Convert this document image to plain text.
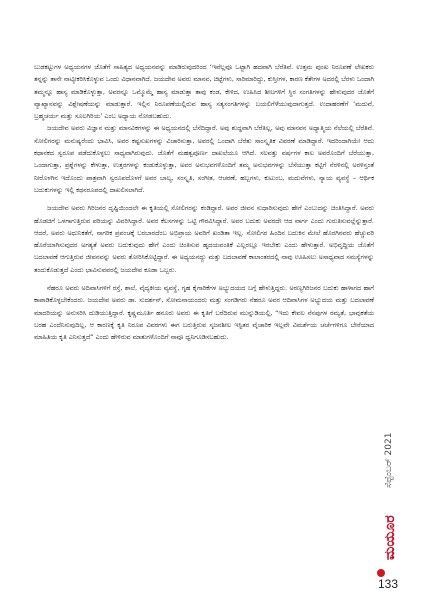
ಬುಡಕಟ್ಟುಗಳ ಅಧ್ಯಯನಗಳ ಜೊತೆಗೆ ಸಾಹಿತ್ಯದ ಅಧ್ಯಯನವನ್ನು ಮಾಡಿರುವುದರಿಂದ ‘ಇವೆಲ್ಲವೂ ಒಟ್ಟಾಗಿ ಹದವಾಗಿ ಬೆರೆತಿವೆ. ಉತ್ತಮ ಪುಂಖ ನಿರೂಪಣೆ ಲೇಖಕರು ತನ್ನನ್ನು ತಾನೇ ನಾಟ್ಯೀಕರಿಸಿಕೊಳ್ಳುವ ಒಂದು ವಿಧಾನವಾಗಿದೆ. ಜಯದೇವ ಅವರು ಮಾನವ, ಚಿಟ್ಟೆಗಳು, ಸಾರಿಮಾರಿದ್ದು, ಕುಸ್ತೀಗಳ, ಕಾರಣ ಕೆತೇಗಳ ಅದರಲ್ಲಿ ಬೆರಳು ಒಂದಾಗಿ ತಮ್ಮನ್ನೂ ಹಾಸ್ಯ ಮಾಡಿಕೊಳ್ಳುತ್ತಾ, ಅವರನ್ನೂ ಒಮ್ಮೊಮ್ಮೆ ಹಾಸ್ಯ ಮಾಡುತ್ತಾ ತಾವು ಕಂಡ, ಕೇಳಿದ, ಉಹಿಸಿದ ಶೀಲಗಳಿಗೆ ಸ್ಥಿರ ಸಂಗತಿಗಳನ್ನು ಹೇಳುವುದರ ಜೊತೆಗೆ ವ್ಯಾಖ್ಯಾನವನ್ನು ವಿಶ್ಲೇಷಣೆಯನ್ನು ಮಾಡುತ್ತಾರೆ. ಇಲ್ಲಿನ ನಿರೂಪಣೆಯಲ್ಲಿರುವ ಹಾಸ್ಯ ಸತ್ಯಸಂಗತಿಗಳನ್ನು ಬಯಲಿಗೆಳೆಯುವುದಾಗುತ್ತದೆ. ಉದಾಹರಣೆಗೆ ‘ಮದುವೆ, ಬ್ರಹ್ಮಚರ್ಯ ಮತ್ತು ಸೂಲಗಿರಿಯ’ ಎಂಬ ಅಧ್ಯಾಯ ನೋಡಬಹುದು.

ಜಯದೇವ ಅವರು ವಿಜ್ಞಾನ ಮತ್ತು ಮಾನವಿಕಗಳನ್ನು ಈ ಅಧ್ಯಯನದಲ್ಲಿ ಬೆಸೆದಿದ್ದಾರೆ. ಅವು ಶುದ್ಧವಾಗಿ ಬೆರೆತಿಲ್ಲ, ಅವು ಮಾನವನ ಅಧ್ಯಾತ್ಮಿಯ ನೆಲೆಯಲ್ಲಿ ಬೆರೆತಿವೆ. ಸೋಲಿಗರನ್ನು ಮನುಷ್ಯರೆಂದು ಭಾವಿಸಿ, ಅವರ ಕಷ್ಟಸುಖಗಳನ್ನು ವಿಚಾರಿಸುತ್ತಾ, ಅವರಲ್ಲಿ ಒಂದಾಗಿ ಬೆರೆತು ಸಾಂಸ್ಕೃತಿಕ ವಿವರಣೆ ಮಾಡಿದ್ದಾರೆ. ಇದರಿಂದಾಗಿಯೇ ಆದು ಕಥಾನಕದ ಸ್ವರೂಪ ಪಡೆದುಕೊಳ್ಳಲು ಸಾಧ್ಯವಾಗಿರುವುದು. ಜೊತೆಗೆ ಮಹತ್ವಪೂರ್ಣ ದಾಖಲೆಯೂ ಆಗಿದೆ. ಸಲವತ್ತು ವರ್ಷಗಳ ಕಾಲ ಅವರೊಂದಿಗೆ ಬೆರೆಯುತ್ತಾ, ಒಂದಾಗುತ್ತಾ, ಪ್ರಶ್ನೆಗಳನ್ನು ಕೇಳುತ್ತಾ, ಉತ್ತರಗಳನ್ನು ಕಂಡುಕೊಳ್ಳುತ್ತಾ, ಅವರ ಅನುಭವಗಳೊಂದಿಗೆ ತಮ್ಮ ಅನುಭವಗಳನ್ನು ಬೆಸೆಯುತ್ತಾ ಕಟ್ಟಿಗೆ ನೆರಳಿನಲ್ಲಿ ಅರಳಿಸ್ತಂತೆ ನೀರೊಳಗಿನ ಇದೊಂದು ಪಾತ್ರವಾಗಿ ಸ್ವರೂಪದೊಳಗೆ ಅವರ ಬಾಲ್ಯ, ಸಂಸ್ಕೃತಿ, ಸಂಗೀತ, ಆಚರಣೆ, ಹಬ್ಬಗಳು, ಕುಟುಂಬ, ಮದುವೆಗಳು, ನ್ಯಾಯ ವ್ಯವಸ್ಥೆ – ಆರ್ಥಿಕ ಬದುಕುಗಳನ್ನು ಇಲ್ಲಿ ಕಥನರೂಪದಲ್ಲಿ ದಾಖಲಿಸಲಾಗಿದೆ.

ಜಯದೇವ ಅವರು ಗಿರಿಜನರ ದೃಷ್ಟಿಯಿಂದಲೇ ಈ ಕೃತಿಯಲ್ಲಿ ಸೋಲಿಗರನ್ನು ಕಂಡಿದ್ದಾರೆ. ಅವರ ಜೀವನ ಸುಧಾರಿಸುವುದು ಹೇಗೆ ಎಂಬುದನ್ನು ಚಿಂತಿಸಿದ್ದಾರೆ. ಅವರು ಹೊಡಚಿಗೆ ಒಳಗಾಗುತ್ತಿರುವ ಪರಿಯನ್ನು ವಿವರಿಸಿದ್ದಾರೆ. ಅವರ ಕೆಲಸಗಳನ್ನು ಒಟ್ಟಿ ಗೌರವಿಸಿದ್ದಾರೆ. ಅವರ ಬದುಕು ಅವರದೇ ಆದ ವಾರ್ಗ ಎಂದು ಗುರುತಿಸುವಲ್ಲೆನ್ನುತ್ತಾರೆ. ಆದರೆ, ಅವರು ಅಧುನಿಕತೆಗೆ, ನಾಗರಿಕ ಪ್ರಪಂಚಕ್ಕೆ ಬರಬಾರದೆಂಬ ಅಭಿಪ್ರಾಯ ಅವರಿಗೆ ಖಂಡಿತಾ ಇಲ್ಲ. ಸೋಲಿಗರ ಹಿಂದಿನ ಬದುಕಿನ ಮೇಲೆ ಹೊರಗಿನವರು ಹೆಚ್ಚುವರಿ ಹೊರೆಯಾಗಿಸುವುದರ ಅಗತ್ಯತೆ ಅವರು ಬದುಕುವುದು ಹೇಗೆ ಎಂದು ಚಿಂತಿಸುವ ಹೃದಯವಂತಿಕೆ ಎಲ್ಲರಲ್ಲೂ ಇರಬೇಕು ಎಂದು ಹೇಳುತ್ತಾರೆ. ಅಭಿವೃದ್ಧಿಯ ಜೊತೆಗೆ ಬದಲಾವಣೆ ಆಗುತ್ತಿರುವ ಜೀವನವನ್ನು ಅವರು ತೋರಿಸಿಕೊಟ್ಟಿದ್ದಾರೆ. ಈ ಅಧ್ಯಯನದ್ದು ಮತ್ತು ಬದಲಾವಣೆ ಕಾಲಾಂತರದಲ್ಲಿ ನಾವು ಊಹಿಸಲು ಅಸಾಧ್ಯವಾದ ಸಮಸ್ಯೆಗಳನ್ನು ತಂದುಕೊಡುತ್ತದೆ ಎಂದು ಭಾವಿಸುವವರಲ್ಲಿ ಜಯದೇವ ಕೂಡಾ ಒಬ್ಬರು.

ನೆಹರೂ ಅವರು ಅದಿವಾಸಿಗಳಿಗೆ ರಸ್ತೆ, ಶಾಲೆ, ವೈದ್ಯಕೀಯ ವ್ಯವಸ್ಥೆ, ಗೃಹ ಕೈಗಾರಿಕೆಗಳ ಅಭ್ಯುದಯದ ಬಗ್ಗೆ ಹೇಳುತ್ತಿದ್ದರು. ಅರಣ್ಯಗಿರಿಜನರ ಬದುಕು ಹಾಳಾಗದ ಹಾಗೆ ಕಾಪಾಡಿಕೊಳ್ಳಬೇಕೆಂದರು. ಜಯದೇವ ಅವರು ಡಾ. ಸುದರ್ಶನ್, ಸೋಮನಾಯಂದರು ಮತ್ತು ಸಂಗಡಿಗರು ನೆಹರೂ ಅವರ ಆದಿವಾಸಿಗಳ ಅಭ್ಯುದಯ ಮತ್ತು ಬದಲಾವಣೆ ಮಾದರಿಯನ್ನು ಅನುಸರಿಸಿ ದುಡಿಯುತ್ತಿದ್ದಾರೆ. ಕೃಷ್ಣಮೂರ್ತಿ ಹನೂರು ಅವರು ಈ ಕೃತಿಗೆ ಬರೆದಿರುವ ಮುನ್ನುಡಿಯಲ್ಲಿ, “ಇದು ಕೇವಲ ನೆನಪುಗಳ ರಮ್ಯತೆ, ಭಾವುಕತೆಯ ಬರಹ ಎಂದೆನಿಸುವುದಿಲ್ಲ, ಆ ಕಾರಣಕ್ಕೆ ಕೃತಿ ನಿರೂಪ ವಿವರಗಳು ಈಗ ಬರುತ್ತಿರುವ ಸೃಜನಶೀಲ ಇಸ್ಟಿತರ ವೈಚಾರಿಕ ಇಲ್ಲವೇ ವಿಮರ್ಶೆಯ ಚರ್ಚೆಗಳಿಗೂ ಬೇರೆಯಾದ ಮಾಹಿತಿಯ ಕೃತಿ ಎನಿಸುತ್ತದೆ” ಎಂದು ಹೇಳಿರುವ ಮಾತುಗಳೊಂದಿಗೆ ನಾವೂ ಧ್ವನಿಗೂಡಿಸಬಹುದು.

ಸೆಪ್ಟೆಂಬರ್ 2021
ಮಯೂರ
133
